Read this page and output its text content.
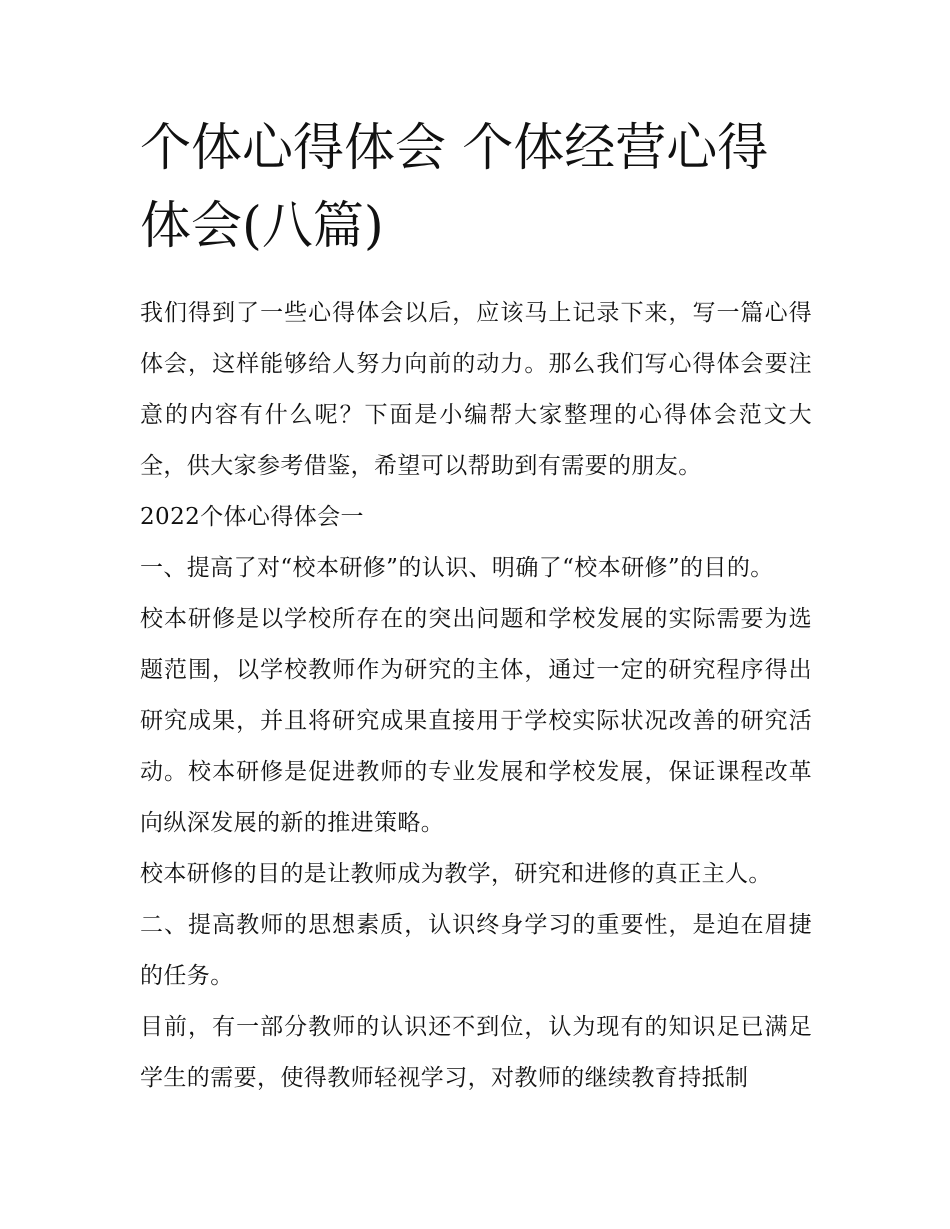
个体心得体会 个体经营心得体会(八篇)

我们得到了一些心得体会以后，应该马上记录下来，写一篇心得体会，这样能够给人努力向前的动力。那么我们写心得体会要注意的内容有什么呢？下面是小编帮大家整理的心得体会范文大全，供大家参考借鉴，希望可以帮助到有需要的朋友。

2022个体心得体会一

一、提高了对“校本研修”的认识、明确了“校本研修”的目的。

校本研修是以学校所存在的突出问题和学校发展的实际需要为选题范围，以学校教师作为研究的主体，通过一定的研究程序得出研究成果，并且将研究成果直接用于学校实际状况改善的研究活动。校本研修是促进教师的专业发展和学校发展，保证课程改革向纵深发展的新的推进策略。

校本研修的目的是让教师成为教学，研究和进修的真正主人。

二、提高教师的思想素质，认识终身学习的重要性，是迫在眉捷的任务。

目前，有一部分教师的认识还不到位，认为现有的知识足已满足学生的需要，使得教师轻视学习，对教师的继续教育持抵制
